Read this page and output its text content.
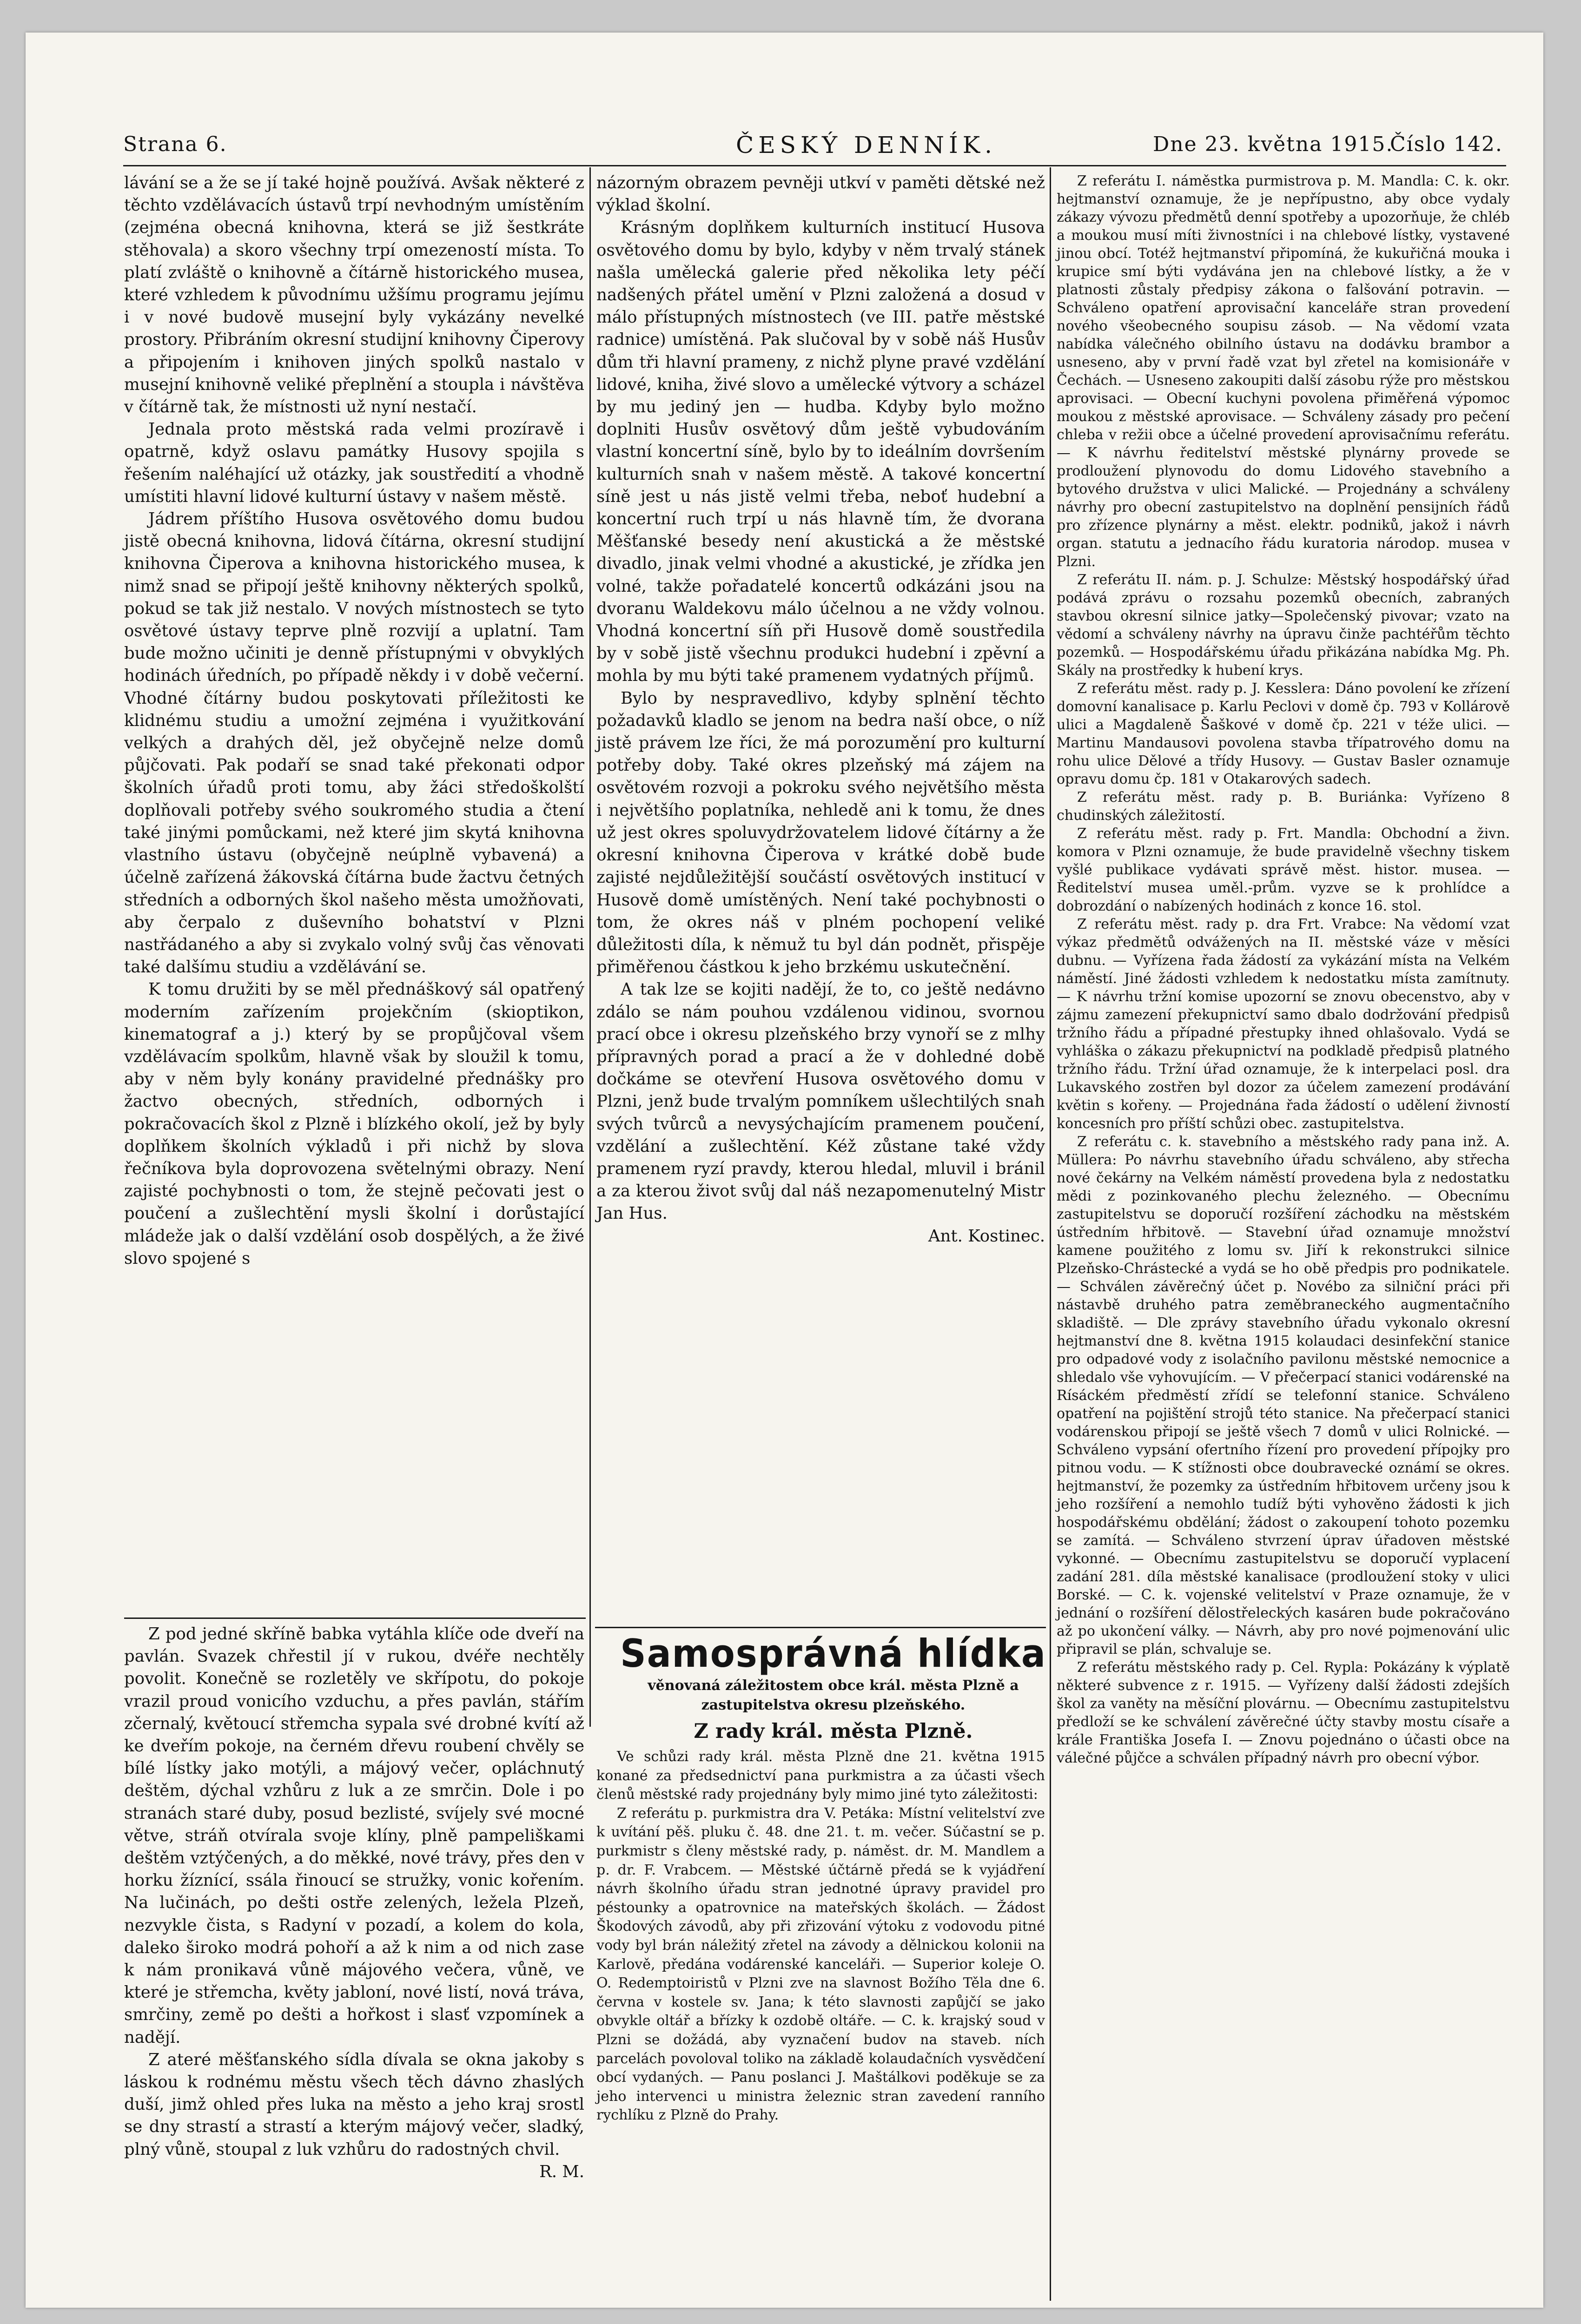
Strana 6.	ČESKÝ DENNÍK.	Dne 23. května 1915.
Číslo 142.

lávání se a že se jí také hojně používá. Avšak některé z těchto vzdělávacích ústavů trpí nevhodným umístěním (zejména obecná knihovna, která se již šestkráte stěhovala) a skoro všechny trpí omezeností místa. To platí zvláště o knihovně a čítárně historického musea, které vzhledem k původnímu užšímu programu jejímu i v nové budově musejní byly vykázány nevelké prostory. Přibráním okresní studijní knihovny Čiperovy a připojením i knihoven jiných spolků nastalo v musejní knihovně veliké přeplnění a stoupla i návštěva v čítárně tak, že místnosti už nyní nestačí.

Jednala proto městská rada velmi prozíravě i opatrně, když oslavu památky Husovy spojila s řešením naléhající už otázky, jak soustředití a vhodně umístiti hlavní lidové kulturní ústavy v našem městě.

Jádrem příštího Husova osvětového domu budou jistě obecná knihovna, lidová čítárna, okresní studijní knihovna Čiperova a knihovna historického musea, k nimž snad se připojí ještě knihovny některých spolků, pokud se tak již nestalo. V nových místnostech se tyto osvětové ústavy teprve plně rozvijí a uplatní. Tam bude možno učiniti je denně přístupnými v obvyklých hodinách úředních, po případě někdy i v době večerní. Vhodné čítárny budou poskytovati příležitosti ke klidnému studiu a umožní zejména i využitkování velkých a drahých děl, jež obyčejně nelze domů půjčovati. Pak podaří se snad také překonati odpor školních úřadů proti tomu, aby žáci středoškolští doplňovali potřeby svého soukromého studia a čtení také jinými pomůckami, než které jim skytá knihovna vlastního ústavu (obyčejně neúplně vybavená) a účelně zařízená žákovská čítárna bude žactvu četných středních a odborných škol našeho města umožňovati, aby čerpalo z duševního bohatství v Plzni nastřádaného a aby si zvykalo volný svůj čas věnovati také dalšímu studiu a vzdělávání se.

K tomu družiti by se měl přednáškový sál opatřený moderním zařízením projekčním (skioptikon, kinematograf a j.) který by se propůjčoval všem vzdělávacím spolkům, hlavně však by sloužil k tomu, aby v něm byly konány pravidelné přednášky pro žactvo obecných, středních, odborných i pokračovacích škol z Plzně i blízkého okolí, jež by byly doplňkem školních výkladů i při nichž by slova řečníkova byla doprovozena světelnými obrazy. Není zajisté pochybnosti o tom, že stejně pečovati jest o poučení a zušlechtění mysli školní i dorůstající mládeže jak o další vzdělání osob dospělých, a že živé slovo spojené s

Z pod jedné skříně babka vytáhla klíče ode dveří na pavlán. Svazek chřestil jí v rukou, dvéře nechtěly povolit. Konečně se rozletěly ve skřípotu, do pokoje vrazil proud vonicího vzduchu, a přes pavlán, stářím zčernalý, květoucí střemcha sypala své drobné kvítí až ke dveřím pokoje, na černém dřevu roubení chvěly se bílé lístky jako motýli, a májový večer, opláchnutý deštěm, dýchal vzhůru z luk a ze smrčin. Dole i po stranách staré duby, posud bezlisté, svíjely své mocné větve, stráň otvírala svoje klíny, plně pampeliškami deštěm vztýčených, a do měkké, nové trávy, přes den v horku žíznící, ssála řinoucí se stružky, vonic kořením. Na lučinách, po dešti ostře zelených, ležela Plzeň, nezvykle čista, s Radyní v pozadí, a kolem do kola, daleko široko modrá pohoří a až k nim a od nich zase k nám pronikavá vůně májového večera, vůně, ve které je střemcha, květy jabloní, nové listí, nová tráva, smrčiny, země po dešti a hořkost i slasť vzpomínek a nadějí.

Z ateré měšťanského sídla dívala se okna jakoby s láskou k rodnému městu všech těch dávno zhaslých duší, jimž ohled přes luka na město a jeho kraj srostl se dny strastí a strastí a kterým májový večer, sladký, plný vůně, stoupal z luk vzhůru do radostných chvil.

R. M.

názorným obrazem pevněji utkví v paměti dětské než výklad školní.

Krásným doplňkem kulturních institucí Husova osvětového domu by bylo, kdyby v něm trvalý stánek našla umělecká galerie před několika lety péčí nadšených přátel umění v Plzni založená a dosud v málo přístupných místnostech (ve III. patře městské radnice) umístěná. Pak slučoval by v sobě náš Husův dům tři hlavní prameny, z nichž plyne pravé vzdělání lidové, kniha, živé slovo a umělecké výtvory a scházel by mu jediný jen — hudba. Kdyby bylo možno doplniti Husův osvětový dům ještě vybudováním vlastní koncertní síně, bylo by to ideálním dovršením kulturních snah v našem městě. A takové koncertní síně jest u nás jistě velmi třeba, neboť hudební a koncertní ruch trpí u nás hlavně tím, že dvorana Měšťanské besedy není akustická a že městské divadlo, jinak velmi vhodné a akustické, je zřídka jen volné, takže pořadatelé koncertů odkázáni jsou na dvoranu Waldekovu málo účelnou a ne vždy volnou. Vhodná koncertní síň při Husově domě soustředila by v sobě jistě všechnu produkci hudební i zpěvní a mohla by mu býti také pramenem vydatných příjmů.

Bylo by nespravedlivo, kdyby splnění těchto požadavků kladlo se jenom na bedra naší obce, o níž jistě právem lze říci, že má porozumění pro kulturní potřeby doby. Také okres plzeňský má zájem na osvětovém rozvoji a pokroku svého největšího města i největšího poplatníka, nehledě ani k tomu, že dnes už jest okres spoluvydržovatelem lidové čítárny a že okresní knihovna Čiperova v krátké době bude zajisté nejdůležitější součástí osvětových institucí v Husově domě umístěných. Není také pochybnosti o tom, že okres náš v plném pochopení veliké důležitosti díla, k němuž tu byl dán podnět, přispěje přiměřenou částkou k jeho brzkému uskutečnění.

A tak lze se kojiti nadějí, že to, co ještě nedávno zdálo se nám pouhou vzdálenou vidinou, svornou prací obce i okresu plzeňského brzy vynoří se z mlhy přípravných porad a prací a že v dohledné době dočkáme se otevření Husova osvětového domu v Plzni, jenž bude trvalým pomníkem ušlechtilých snah svých tvůrců a nevysýchajícím pramenem poučení, vzdělání a zušlechtění. Kéž zůstane také vždy pramenem ryzí pravdy, kterou hledal, mluvil i bránil a za kterou život svůj dal náš nezapomenutelný Mistr Jan Hus.

Ant. Kostinec.

Samosprávná hlídka
věnovaná záležitostem obce král. města Plzně a zastupitelstva okresu plzeňského.
Z rady král. města Plzně.

Ve schůzi rady král. města Plzně dne 21. května 1915 konané za předsednictví pana purkmistra a za účasti všech členů městské rady projednány byly mimo jiné tyto záležitosti:

Z referátu p. purkmistra dra V. Petáka: Místní velitelství zve k uvítání pěš. pluku č. 48. dne 21. t. m. večer. Súčastní se p. purkmistr s členy městské rady, p. náměst. dr. M. Mandlem a p. dr. F. Vrabcem. — Městské účtárně předá se k vyjádření návrh školního úřadu stran jednotné úpravy pravidel pro péstounky a opatrovnice na mateřských školách. — Žádost Škodových závodů, aby při zřizování výtoku z vodovodu pitné vody byl brán náležitý zřetel na závody a dělnickou kolonii na Karlově, předána vodárenské kanceláři. — Superior koleje O. O. Redemptoiristů v Plzni zve na slavnost Božího Těla dne 6. června v kostele sv. Jana; k této slavnosti zapůjčí se jako obvykle oltář a břízky k ozdobě oltáře. — C. k. krajský soud v Plzni se dožádá, aby vyznačení budov na staveb. ních parcelách povoloval toliko na základě kolaudačních vysvědčení obcí vydaných. — Panu poslanci J. Maštálkovi poděkuje se za jeho intervenci u ministra železnic stran zavedení ranního rychlíku z Plzně do Prahy.

Z referátu I. náměstka purmistrova p. M. Mandla: C. k. okr. hejtmanství oznamuje, že je nepřípustno, aby obce vydaly zákazy vývozu předmětů denní spotřeby a upozorňuje, že chléb a moukou musí míti živnostníci i na chlebové lístky, vystavené jinou obcí. Totéž hejtmanství připomíná, že kukuřičná mouka i krupice smí býti vydávána jen na chlebové lístky, a že v platnosti zůstaly předpisy zákona o falšování potravin. — Schváleno opatření aprovisační kanceláře stran provedení nového všeobecného soupisu zásob. — Na vědomí vzata nabídka válečného obilního ústavu na dodávku brambor a usneseno, aby v první řadě vzat byl zřetel na komisionáře v Čechách. — Usneseno zakoupiti další zásobu rýže pro městskou aprovisaci. — Obecní kuchyni povolena přiměřená výpomoc moukou z městské aprovisace. — Schváleny zásady pro pečení chleba v režii obce a účelné provedení aprovisačnímu referátu. — K návrhu ředitelství městské plynárny provede se prodloužení plynovodu do domu Lidového stavebního a bytového družstva v ulici Malické. — Projednány a schváleny návrhy pro obecní zastupitelstvo na doplnění pensijních řádů pro zřízence plynárny a měst. elektr. podniků, jakož i návrh organ. statutu a jednacího řádu kuratoria národop. musea v Plzni.

Z referátu II. nám. p. J. Schulze: Městský hospodářský úřad podává zprávu o rozsahu pozemků obecních, zabraných stavbou okresní silnice jatky—Společenský pivovar; vzato na vědomí a schváleny návrhy na úpravu činže pachtéřům těchto pozemků. — Hospodářskému úřadu přikázána nabídka Mg. Ph. Skály na prostředky k hubení krys.

Z referátu měst. rady p. J. Kesslera: Dáno povolení ke zřízení domovní kanalisace p. Karlu Peclovi v domě čp. 793 v Kollárově ulici a Magdaleně Šaškové v domě čp. 221 v téže ulici. — Martinu Mandausovi povolena stavba třípatrového domu na rohu ulice Dělové a třídy Husovy. — Gustav Basler oznamuje opravu domu čp. 181 v Otakarových sadech.

Z referátu měst. rady p. B. Buriánka: Vyřízeno 8 chudinských záležitostí.

Z referátu měst. rady p. Frt. Mandla: Obchodní a živn. komora v Plzni oznamuje, že bude pravidelně všechny tiskem vyšlé publikace vydávati správě měst. histor. musea. — Ředitelství musea uměl.-prům. vyzve se k prohlídce a dobrozdání o nabízených hodinách z konce 16. stol.

Z referátu měst. rady p. dra Frt. Vrabce: Na vědomí vzat výkaz předmětů odvážených na II. městské váze v měsíci dubnu. — Vyřízena řada žádostí za vykázání místa na Velkém náměstí. Jiné žádosti vzhledem k nedostatku místa zamítnuty. — K návrhu tržní komise upozorní se znovu obecenstvo, aby v zájmu zamezení překupnictví samo dbalo dodržování předpisů tržního řádu a případné přestupky ihned ohlašovalo. Vydá se vyhláška o zákazu překupnictví na podkladě předpisů platného tržního řádu. Tržní úřad oznamuje, že k interpelaci posl. dra Lukavského zostřen byl dozor za účelem zamezení prodávání květin s kořeny. — Projednána řada žádostí o udělení živností koncesních pro příští schůzi obec. zastupitelstva.

Z referátu c. k. stavebního a městského rady pana inž. A. Müllera: Po návrhu stavebního úřadu schváleno, aby střecha nové čekárny na Velkém náměstí provedena byla z nedostatku mědi z pozinkovaného plechu železného. — Obecnímu zastupitelstvu se doporučí rozšíření záchodku na městském ústředním hřbitově. — Stavební úřad oznamuje množství kamene použitého z lomu sv. Jiří k rekonstrukci silnice Plzeňsko-Chrástecké a vydá se ho obě předpis pro podnikatele. — Schválen závěrečný účet p. Novébo za silniční práci při nástavbě druhého patra zeměbraneckého augmentačního skladiště. — Dle zprávy stavebního úřadu vykonalo okresní hejtmanství dne 8. května 1915 kolaudaci desinfekční stanice pro odpadové vody z isolačního pavilonu městské nemocnice a shledalo vše vyhovujícím. — V přečerpací stanici vodárenské na Rísáckém předměstí zřídí se telefonní stanice. Schváleno opatření na pojištění strojů této stanice. Na přečerpací stanici vodárenskou připojí se ještě všech 7 domů v ulici Rolnické. — Schváleno vypsání ofertního řízení pro provedení přípojky pro pitnou vodu. — K stížnosti obce doubravecké oznámí se okres. hejtmanství, že pozemky za ústředním hřbitovem určeny jsou k jeho rozšíření a nemohlo tudíž býti vyhověno žádosti k jich hospodářskému obdělání; žádost o zakoupení tohoto pozemku se zamítá. — Schváleno stvrzení úprav úřadoven městské vykonné. — Obecnímu zastupitelstvu se doporučí vyplacení zadání 281. díla městské kanalisace (prodloužení stoky v ulici Borské. — C. k. vojenské velitelství v Praze oznamuje, že v jednání o rozšíření dělostřeleckých kasáren bude pokračováno až po ukončení války. — Návrh, aby pro nové pojmenování ulic připravil se plán, schvaluje se.

Z referátu městského rady p. Cel. Rypla: Pokázány k výplatě některé subvence z r. 1915. — Vyřízeny další žádosti zdejších škol za vaněty na měsíční plovárnu. — Obecnímu zastupitelstvu předloží se ke schválení závěrečné účty stavby mostu císaře a krále Františka Josefa I. — Znovu pojednáno o účasti obce na válečné půjčce a schválen případný návrh pro obecní výbor.
